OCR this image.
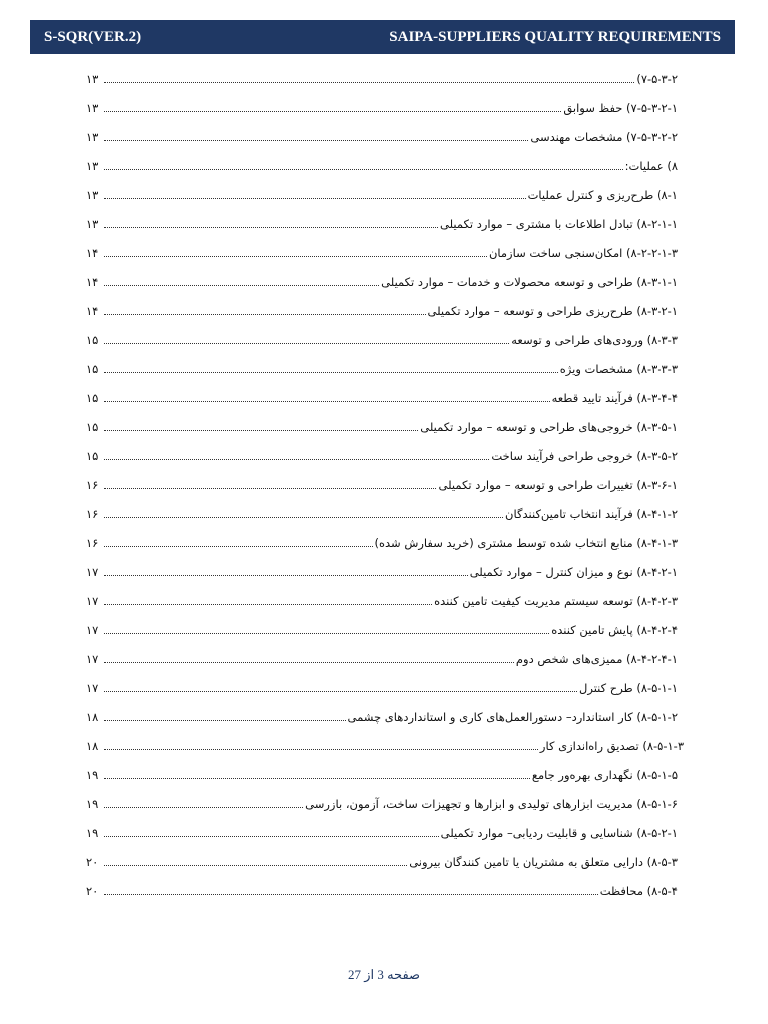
S-SQR(VER.2)	SAIPA-SUPPLIERS QUALITY REQUIREMENTS
۷-۵-۳-۲)
۱۳
۷-۵-۳-۲-۱) حفظ سوابق
۱۳
۷-۵-۳-۲-۲) مشخصات مهندسی
۱۳
۸) عملیات:
۱۳
۸-۱) طرح‌ریزی و کنترل عملیات
۱۳
۸-۲-۱-۱) تبادل اطلاعات با مشتری – موارد تکمیلی
۱۳
۸-۲-۲-۱-۳) امکان‌سنجی ساخت سازمان
۱۴
۸-۳-۱-۱) طراحی و توسعه محصولات و خدمات – موارد تکمیلی
۱۴
۸-۳-۲-۱) طرح‌ریزی طراحی و توسعه – موارد تکمیلی
۱۴
۸-۳-۳) ورودی‌های طراحی و توسعه
۱۵
۸-۳-۳-۳) مشخصات ویژه
۱۵
۸-۳-۴-۴) فرآیند تایید قطعه
۱۵
۸-۳-۵-۱) خروجی‌های طراحی و توسعه – موارد تکمیلی
۱۵
۸-۳-۵-۲) خروجی طراحی فرآیند ساخت
۱۵
۸-۳-۶-۱) تغییرات طراحی و توسعه – موارد تکمیلی
۱۶
۸-۴-۱-۲) فرآیند انتخاب تامین‌کنندگان
۱۶
۸-۴-۱-۳) منابع انتخاب شده توسط مشتری (خرید سفارش شده)
۱۶
۸-۴-۲-۱) نوع و میزان کنترل – موارد تکمیلی
۱۷
۸-۴-۲-۳) توسعه سیستم مدیریت کیفیت تامین کننده
۱۷
۸-۴-۲-۴) پایش تامین کننده
۱۷
۸-۴-۲-۴-۱) ممیزی‌های شخص دوم
۱۷
۸-۵-۱-۱) طرح کنترل
۱۷
۸-۵-۱-۲) کار استاندارد– دستورالعمل‌های کاری و استانداردهای چشمی
۱۸
۸-۵-۱-۳) تصدیق راه‌اندازی کار
۱۸
۸-۵-۱-۵) نگهداری بهره‌ور جامع
۱۹
۸-۵-۱-۶) مدیریت ابزارهای تولیدی و ابزارها و تجهیزات ساخت، آزمون، بازرسی
۱۹
۸-۵-۲-۱) شناسایی و قابلیت ردیابی– موارد تکمیلی
۱۹
۸-۵-۳) دارایی متعلق به مشتریان یا تامین کنندگان بیرونی
۲۰
۸-۵-۴) محافظت
۲۰
صفحه 3 از 27
